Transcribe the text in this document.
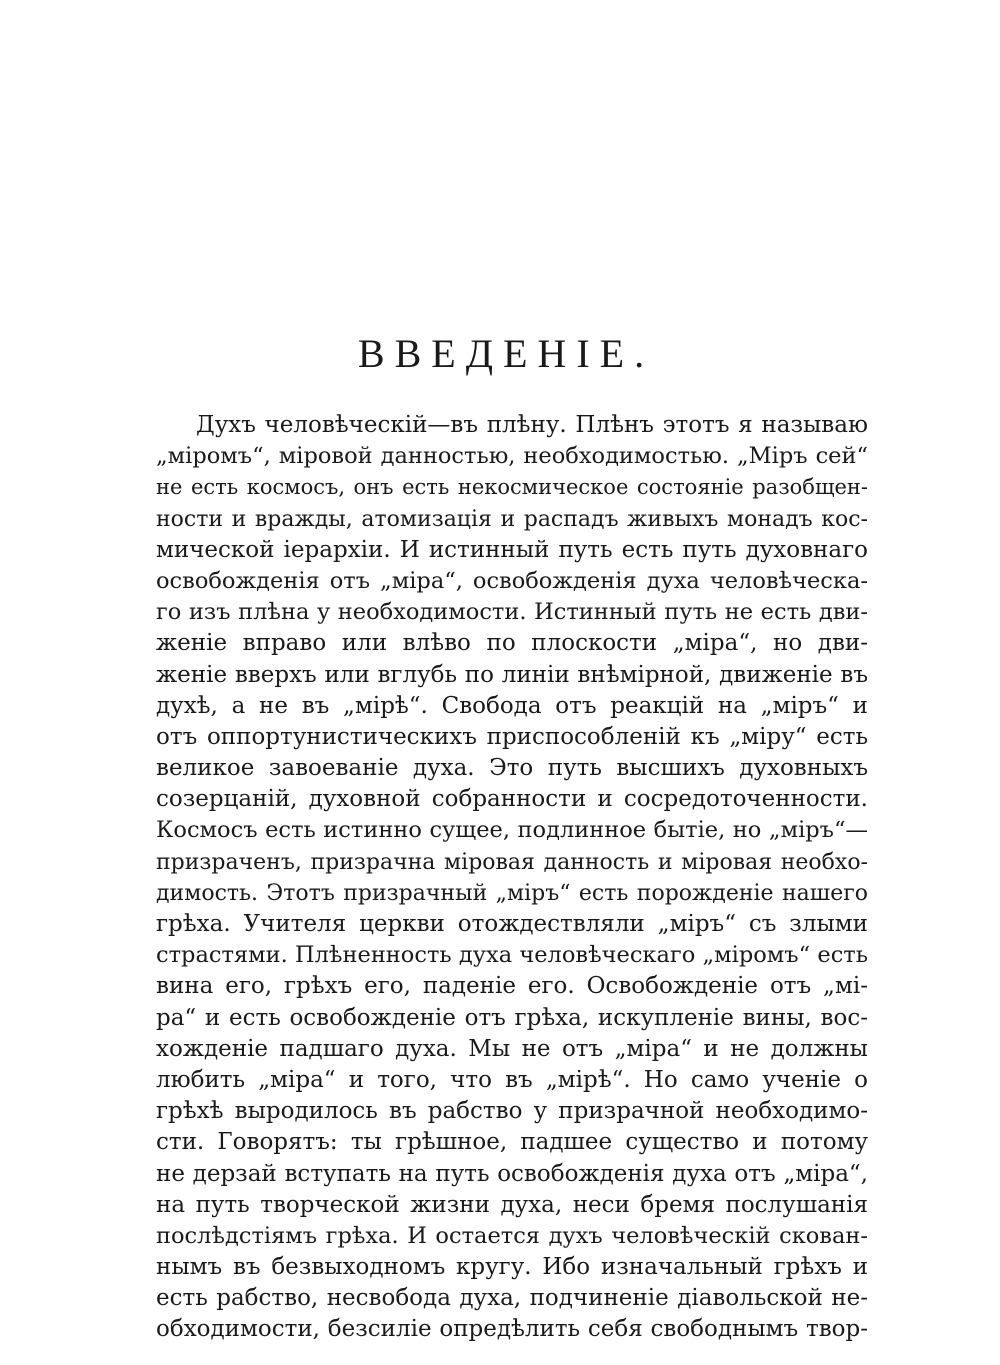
ВВЕДЕНІЕ.
Духъ человѣческій—въ плѣну. Плѣнъ этотъ я называю
„міромъ“, міровой данностью, необходимостью. „Міръ сей“
не есть космосъ, онъ есть некосмическое состояніе разобщен-
ности и вражды, атомизація и распадъ живыхъ монадъ кос-
мической іерархіи. И истинный путь есть путь духовнаго
освобожденія отъ „міра“, освобожденія духа человѣческа-
го изъ плѣна у необходимости. Истинный путь не есть дви-
женіе вправо или влѣво по плоскости „міра“, но дви-
женіе вверхъ или вглубь по линіи внѣмірной, движеніе въ
духѣ, а не въ „мірѣ“. Свобода отъ реакцій на „міръ“ и
отъ оппортунистическихъ приспособленій къ „міру“ есть
великое завоеваніе духа. Это путь высшихъ духовныхъ
созерцаній, духовной собранности и сосредоточенности.
Космосъ есть истинно сущее, подлинное бытіе, но „міръ“—
призраченъ, призрачна міровая данность и міровая необхо-
димость. Этотъ призрачный „міръ“ есть порожденіе нашего
грѣха. Учителя церкви отождествляли „міръ“ съ злыми
страстями. Плѣненность духа человѣческаго „міромъ“ есть
вина его, грѣхъ его, паденіе его. Освобожденіе отъ „мі-
ра“ и есть освобожденіе отъ грѣха, искупленіе вины, вос-
хожденіе падшаго духа. Мы не отъ „міра“ и не должны
любить „міра“ и того, что въ „мірѣ“. Но само ученіе о
грѣхѣ выродилось въ рабство у призрачной необходимо-
сти. Говорятъ: ты грѣшное, падшее существо и потому
не дерзай вступать на путь освобожденія духа отъ „міра“,
на путь творческой жизни духа, неси бремя послушанія
послѣдстіямъ грѣха. И остается духъ человѣческій скован-
нымъ въ безвыходномъ кругу. Ибо изначальный грѣхъ и
есть рабство, несвобода духа, подчиненіе діавольской не-
обходимости, безсиліе опредѣлить себя свободнымъ твор-
